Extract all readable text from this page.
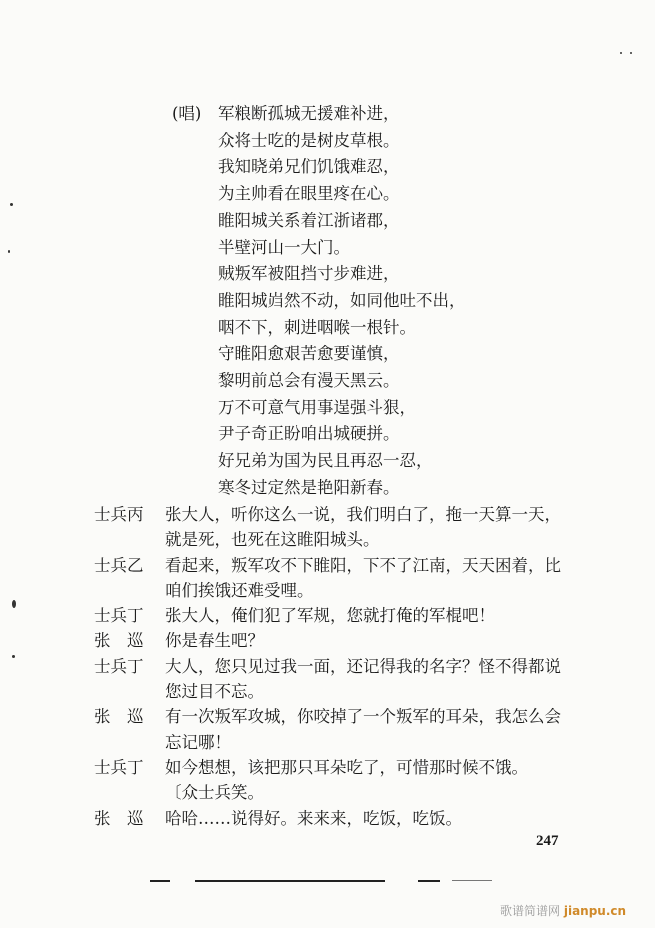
(唱)	军粮断孤城无援难补进，
众将士吃的是树皮草根。
我知晓弟兄们饥饿难忍，
为主帅看在眼里疼在心。
睢阳城关系着江浙诸郡，
半壁河山一大门。
贼叛军被阻挡寸步难进，
睢阳城岿然不动，如同他吐不出，
咽不下，刺进咽喉一根针。
守睢阳愈艰苦愈要谨慎，
黎明前总会有漫天黑云。
万不可意气用事逞强斗狠，
尹子奇正盼咱出城硬拼。
好兄弟为国为民且再忍一忍，
寒冬过定然是艳阳新春。
士兵丙	张大人，听你这么一说，我们明白了，拖一天算一天，
就是死，也死在这睢阳城头。
士兵乙	看起来，叛军攻不下睢阳，下不了江南，天天困着，比
咱们挨饿还难受哩。
士兵丁	张大人，俺们犯了军规，您就打俺的军棍吧！
张　巡	你是春生吧？
士兵丁	大人，您只见过我一面，还记得我的名字？怪不得都说
您过目不忘。
张　巡	有一次叛军攻城，你咬掉了一个叛军的耳朵，我怎么会
忘记哪！
士兵丁	如今想想，该把那只耳朵吃了，可惜那时候不饿。
〔众士兵笑。
张　巡	哈哈……说得好。来来来，吃饭，吃饭。
247
歌谱简谱网 jianpu.cn
